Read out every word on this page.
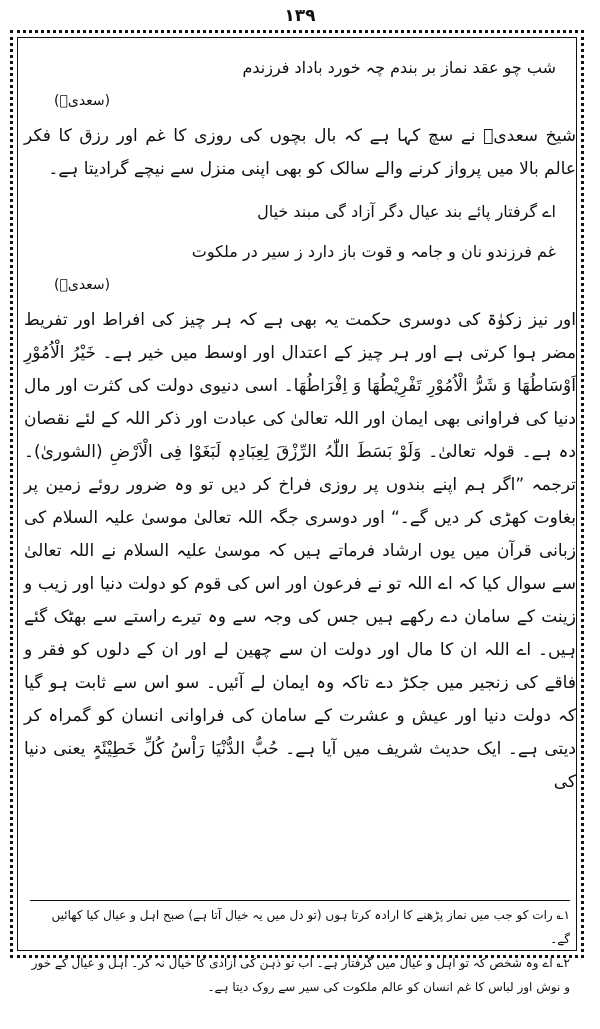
۱۳۹
شب چو عقد نماز بر بندم چہ خورد باداد فرزندم
(سعدیؒ)

شیخ سعدیؒ نے سچ کہا ہے کہ بال بچوں کی روزی کا غم اور رزق کا فکر عالم بالا میں پرواز کرنے والے سالک کو بھی اپنی منزل سے نیچے گرادیتا ہے۔

اے گرفتار پائے بند عیال دگر آزاد گی مبند خیال
غم فرزندو نان و جامہ و قوت باز دارد ز سیر در ملکوت
(سعدیؒ)

اور نیز زکوٰۃ کی دوسری حکمت یہ بھی ہے کہ ہر چیز کی افراط اور تفریط مضر ہوا کرتی ہے اور ہر چیز کے اعتدال اور اوسط میں خیر ہے۔ خَیْرُ الْاُمُوْرِ اَوْسَاطُھَا وَ شَرُّ الْاُمُوْرِ تَفْرِیْطُھَا وَ اِفْرَاطُھَا۔ اسی دنیوی دولت کی کثرت اور مال دنیا کی فراوانی بھی ایمان اور اللہ تعالیٰ کی عبادت اور ذکر اللہ کے لئے نقصان دہ ہے۔ قولہ تعالیٰ۔ وَلَوْ بَسَطَ اللّٰہُ الرِّزْقَ لِعِبَادِہٖ لَبَغَوْا فِی الْاَرْضِ (الشوریٰ)۔ ترجمہ ”اگر ہم اپنے بندوں پر روزی فراخ کر دیں تو وہ ضرور روئے زمین پر بغاوت کھڑی کر دیں گے۔“ اور دوسری جگہ اللہ تعالیٰ موسیٰ علیہ السلام کی زبانی قرآن میں یوں ارشاد فرماتے ہیں کہ موسیٰ علیہ السلام نے اللہ تعالیٰ سے سوال کیا کہ اے اللہ تو نے فرعون اور اس کی قوم کو دولت دنیا اور زیب و زینت کے سامان دے رکھے ہیں جس کی وجہ سے وہ تیرے راستے سے بھٹک گئے ہیں۔ اے اللہ ان کا مال اور دولت ان سے چھین لے اور ان کے دلوں کو فقر و فاقے کی زنجیر میں جکڑ دے تاکہ وہ ایمان لے آئیں۔ سو اس سے ثابت ہو گیا کہ دولت دنیا اور عیش و عشرت کے سامان کی فراوانی انسان کو گمراہ کر دیتی ہے۔ ایک حدیث شریف میں آیا ہے۔ حُبُّ الدُّنْیَا رَاْسُ کُلِّ خَطِیْئَۃٍ یعنی دنیا کی

۱؎ رات کو جب میں نماز پڑھنے کا ارادہ کرتا ہوں (تو دل میں یہ خیال آتا ہے) صبح اہل و عیال کیا کھائیں گے۔
۲؎ اے وہ شخص کہ تو اہل و عیال میں گرفتار ہے۔ اب تو ذہن کی آزادی کا خیال نہ کر۔ اہل و عیال کے خور و نوش اور لباس کا غم انسان کو عالم ملکوت کی سیر سے روک دیتا ہے۔
